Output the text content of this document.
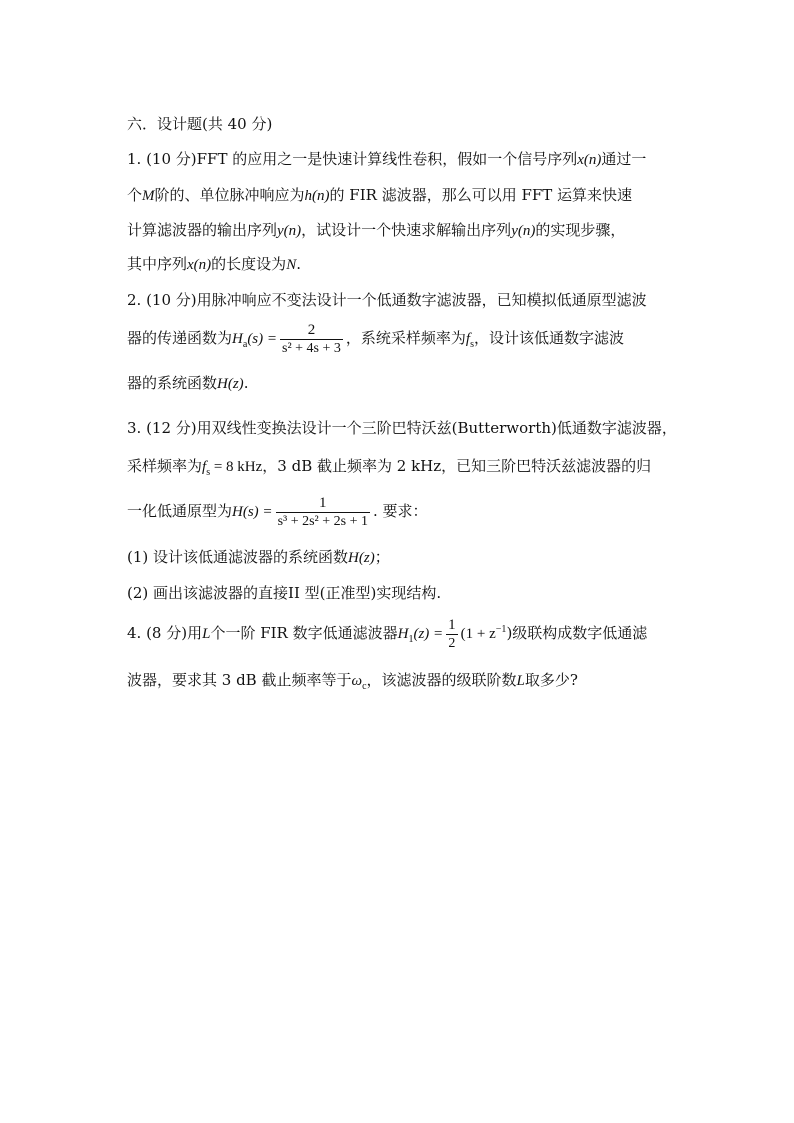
六．设计题(共 40 分)
1. (10 分)FFT 的应用之一是快速计算线性卷积，假如一个信号序列x(n)通过一
个M阶的、单位脉冲响应为h(n)的 FIR 滤波器，那么可以用 FFT 运算来快速
计算滤波器的输出序列y(n)，试设计一个快速求解输出序列y(n)的实现步骤，
其中序列x(n)的长度设为N.
2. (10 分)用脉冲响应不变法设计一个低通数字滤波器，已知模拟低通原型滤波
器的传递函数为$H_a(s) = \frac{2}{\text{s² + 4s + 3}}$ ，系统采样频率为$f_s$，设计该低通数字滤波
器的系统函数H(z).
3. (12 分)用双线性变换法设计一个三阶巴特沃兹(Butterworth)低通数字滤波器，
采样频率为$f_s = 8$ kHz，3 dB 截止频率为 2 kHz，已知三阶巴特沃兹滤波器的归
一化低通原型为$H(s) = \frac{1}{\text{s³ + 2s² + 2s + 1}}$ . 要求：
(1) 设计该低通滤波器的系统函数H(z)；
(2) 画出该滤波器的直接II 型(正准型)实现结构.
4. (8 分)用L个一阶 FIR 数字低通滤波器$H_1(z) = \frac{1}{2} (1 + z^{-1})$级联构成数字低通滤
波器，要求其 3 dB 截止频率等于$\omega_c$，该滤波器的级联阶数L取多少?
